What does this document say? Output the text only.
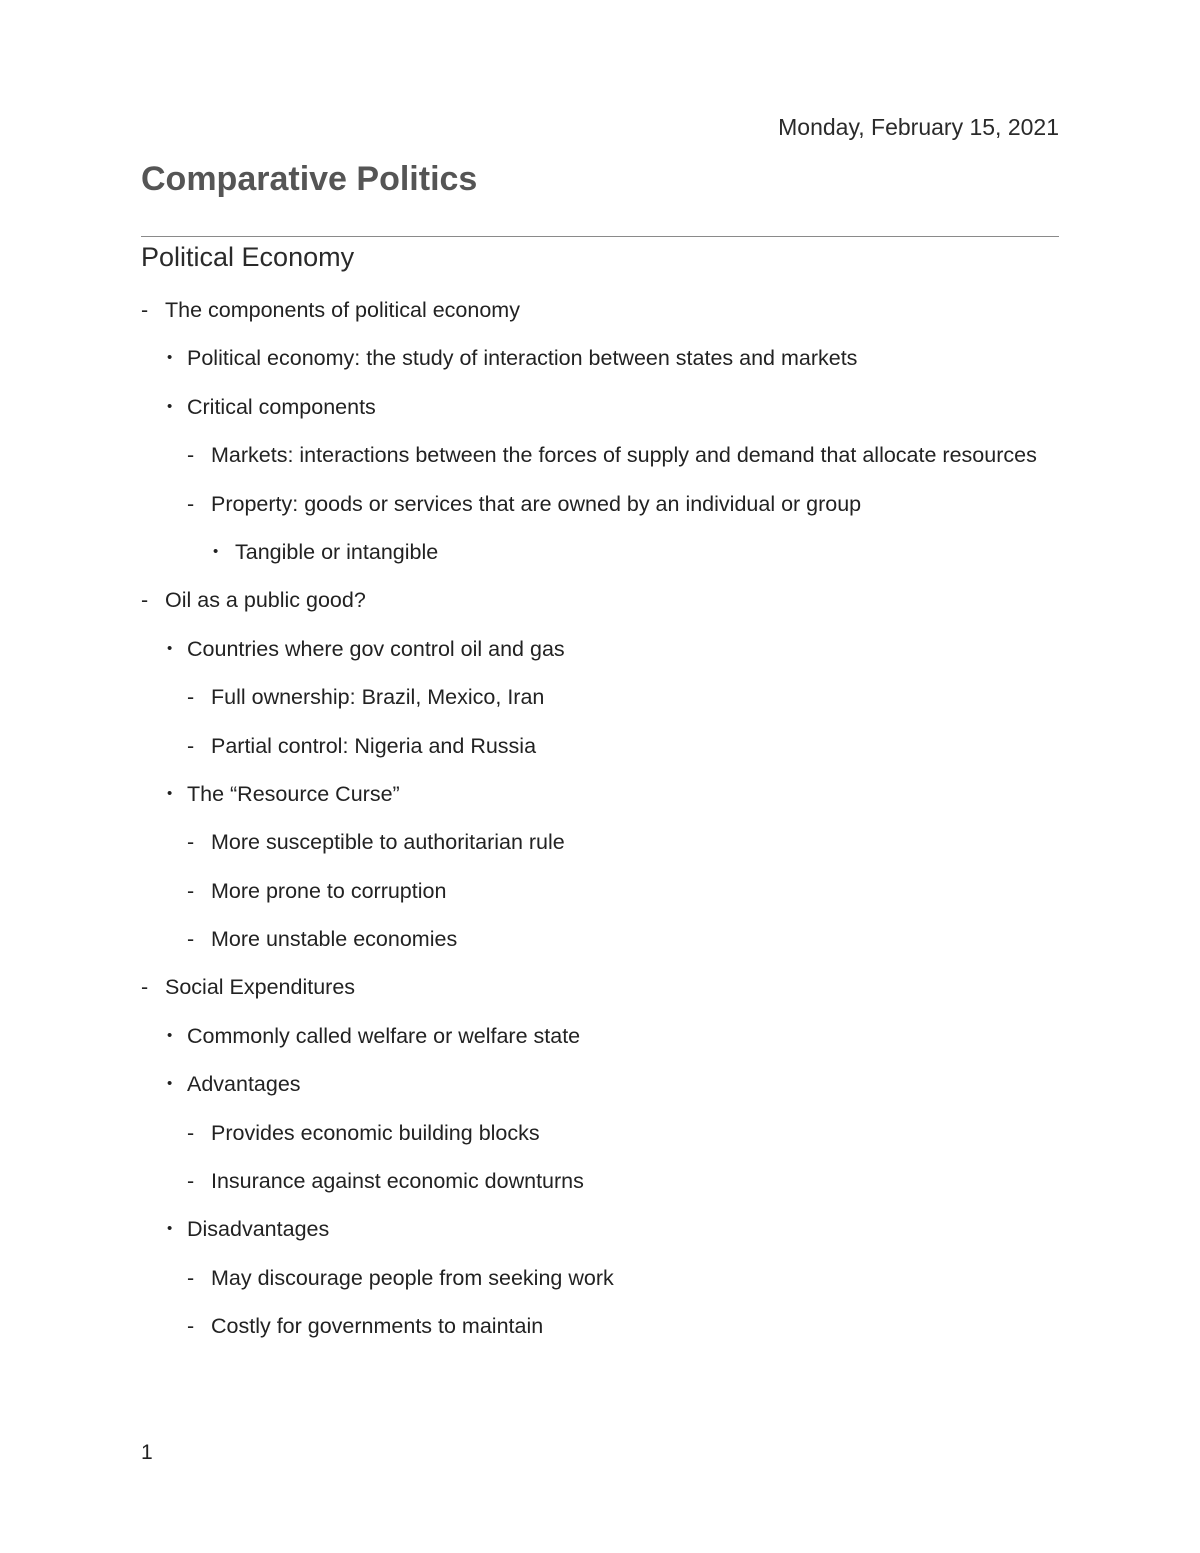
Monday, February 15, 2021
Comparative Politics
Political Economy
- The components of political economy
• Political economy: the study of interaction between states and markets
• Critical components
- Markets: interactions between the forces of supply and demand that allocate resources
- Property: goods or services that are owned by an individual or group
• Tangible or intangible
- Oil as a public good?
• Countries where gov control oil and gas
- Full ownership: Brazil, Mexico, Iran
- Partial control: Nigeria and Russia
• The “Resource Curse”
- More susceptible to authoritarian rule
- More prone to corruption
- More unstable economies
- Social Expenditures
• Commonly called welfare or welfare state
• Advantages
- Provides economic building blocks
- Insurance against economic downturns
• Disadvantages
- May discourage people from seeking work
- Costly for governments to maintain
1
